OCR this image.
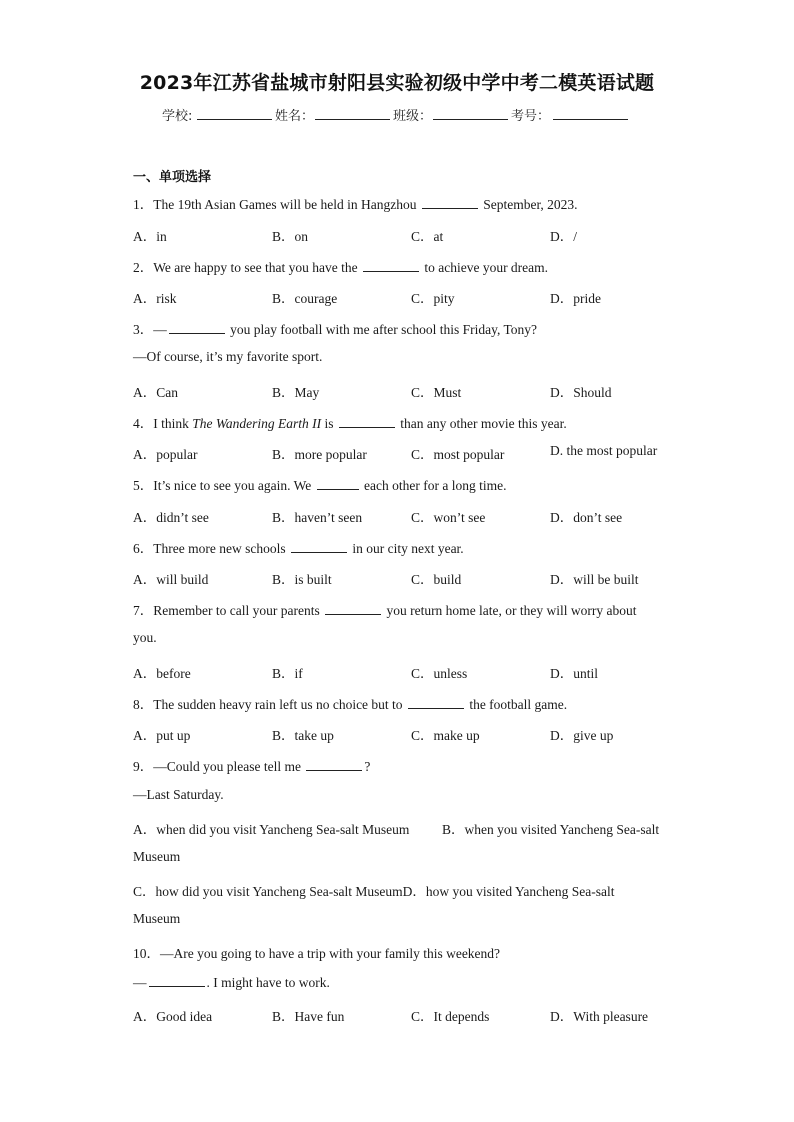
2023年江苏省盐城市射阳县实验初级中学中考二模英语试题
学校:	姓名：	班级：	考号：
一、单项选择
1．The 19th Asian Games will be held in Hangzhou	September, 2023.
A．in	B．on	C．at	D．/
2．We are happy to see that you have the	to achieve your dream.
A．risk	B．courage	C．pity	D．pride
3．—	you play football with me after school this Friday, Tony?
—Of course, it’s my favorite sport.
A．Can	B．May	C．Must	D．Should
4．I think The Wandering Earth II is	than any other movie this year.
A．popular	B．more popular	C．most popular	D. the most popular
5．It’s nice to see you again. We	each other for a long time.
A．didn’t see	B．haven’t seen	C．won’t see	D．don’t see
6．Three more new schools	in our city next year.
A．will build	B．is built	C．build	D．will be built
7．Remember to call your parents	you return home late, or they will worry about
you.
A．before	B．if	C．unless	D．until
8．The sudden heavy rain left us no choice but to	the football game.
A．put up	B．take up	C．make up	D．give up
9．—Could you please tell me	?
—Last Saturday.
A．when did you visit Yancheng Sea-salt Museum B．when you visited Yancheng Sea-salt
Museum
C．how did you visit Yancheng Sea-salt MuseumD．how you visited Yancheng Sea-salt
Museum
10．—Are you going to have a trip with your family this weekend?
—	. I might have to work.
A．Good idea	B．Have fun	C．It depends	D．With pleasure
